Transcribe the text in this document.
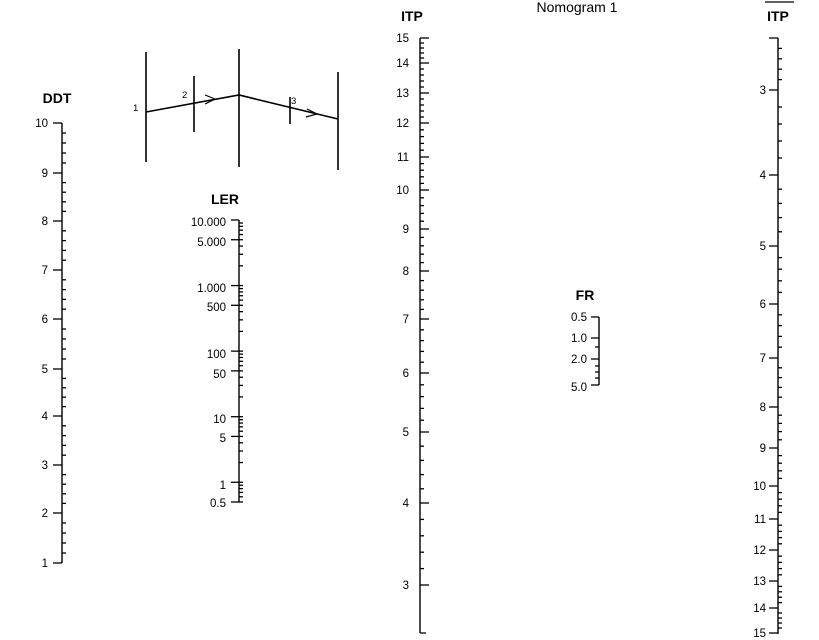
Nomogram 1
1
2
3
DDT
LER
ITP
FR
ITP
10
9
8
7
6
5
4
3
2
1
10.000
5.000
1.000
500
100
50
10
5
1
0.5
15
14
13
12
11
10
9
8
7
6
5
4
3
0.5
1.0
2.0
5.0
3
4
5
6
7
8
9
10
11
12
13
14
15
